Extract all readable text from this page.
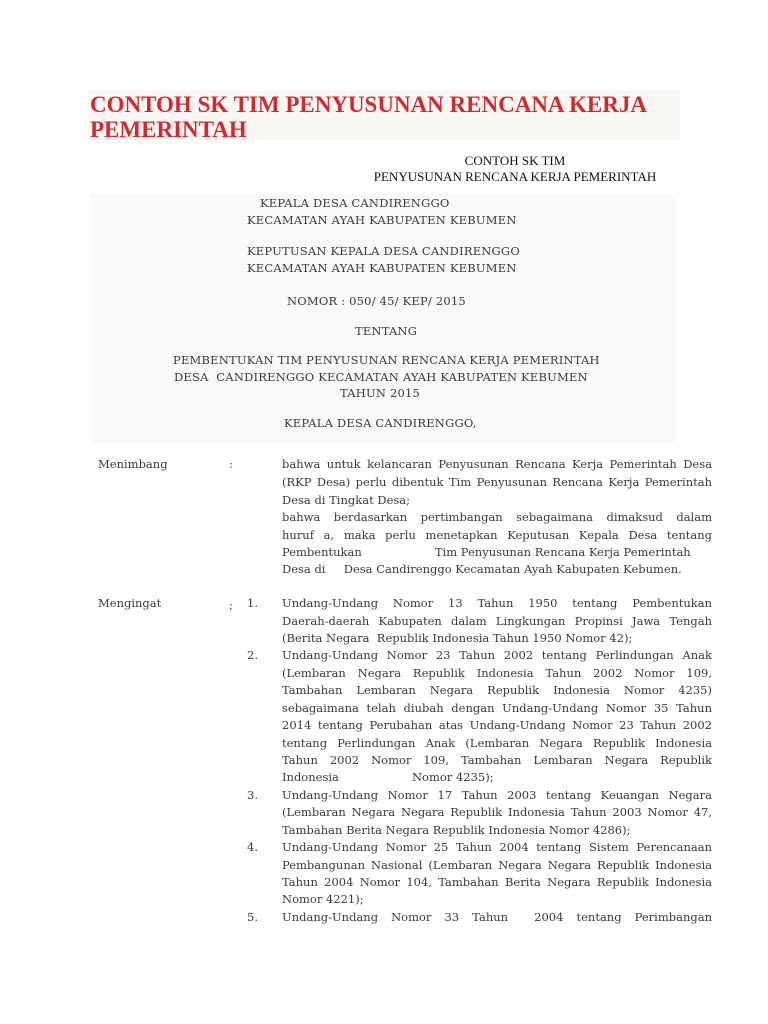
CONTOH SK TIM PENYUSUNAN RENCANA KERJA PEMERINTAH
CONTOH SK TIM
PENYUSUNAN RENCANA KERJA PEMERINTAH
KEPALA DESA CANDIRENGGO
KECAMATAN AYAH KABUPATEN KEBUMEN
KEPUTUSAN KEPALA DESA CANDIRENGGO
KECAMATAN AYAH KABUPATEN KEBUMEN
NOMOR : 050/ 45/ KEP/ 2015
TENTANG
PEMBENTUKAN TIM PENYUSUNAN RENCANA KERJA PEMERINTAH
DESA  CANDIRENGGO KECAMATAN AYAH KABUPATEN KEBUMEN
TAHUN 2015
KEPALA DESA CANDIRENGGO,
Menimbang	:	bahwa untuk kelancaran Penyusunan Rencana Kerja Pemerintah Desa
(RKP Desa) perlu dibentuk Tim Penyusunan Rencana Kerja Pemerintah
Desa di Tingkat Desa;
bahwa berdasarkan pertimbangan sebagaimana dimaksud dalam
huruf a, maka perlu menetapkan Keputusan Kepala Desa tentang
Pembentukan                    Tim Penyusunan Rencana Kerja Pemerintah
Desa di     Desa Candirenggo Kecamatan Ayah Kabupaten Kebumen.
Mengingat	;	1. Undang-Undang Nomor 13 Tahun 1950 tentang Pembentukan
Daerah-daerah Kabupaten dalam Lingkungan Propinsi Jawa Tengah
(Berita Negara  Republik Indonesia Tahun 1950 Nomor 42);
2. Undang-Undang Nomor 23 Tahun 2002 tentang Perlindungan Anak
(Lembaran Negara Republik Indonesia Tahun 2002 Nomor 109,
Tambahan Lembaran Negara Republik Indonesia Nomor 4235)
sebagaimana telah diubah dengan Undang-Undang Nomor 35 Tahun
2014 tentang Perubahan atas Undang-Undang Nomor 23 Tahun 2002
tentang Perlindungan Anak (Lembaran Negara Republik Indonesia
Tahun 2002 Nomor 109, Tambahan Lembaran Negara Republik
Indonesia                    Nomor 4235);
3. Undang-Undang Nomor 17 Tahun 2003 tentang Keuangan Negara
(Lembaran Negara Negara Republik Indonesia Tahun 2003 Nomor 47,
Tambahan Berita Negara Republik Indonesia Nomor 4286);
4. Undang-Undang Nomor 25 Tahun 2004 tentang Sistem Perencanaan
Pembangunan Nasional (Lembaran Negara Negara Republik Indonesia
Tahun 2004 Nomor 104, Tambahan Berita Negara Republik Indonesia
Nomor 4221);
5. Undang-Undang Nomor 33 Tahun  2004 tentang Perimbangan
